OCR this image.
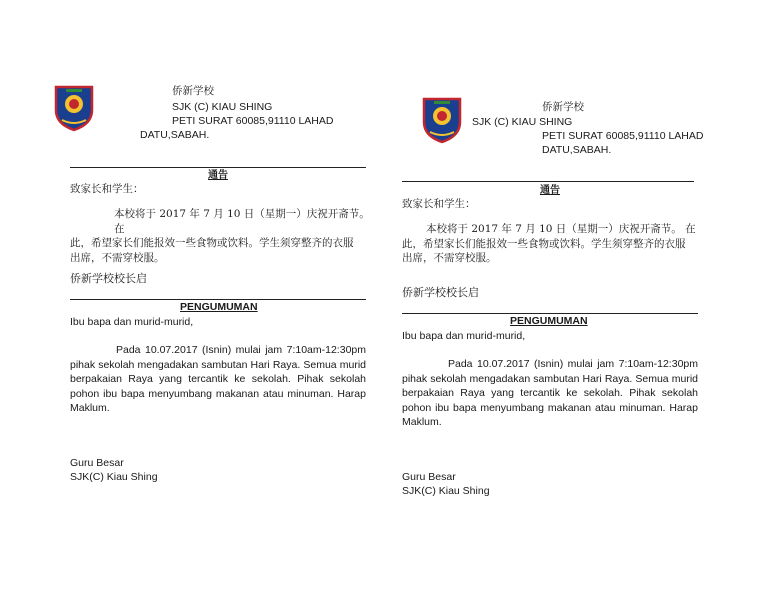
侨新学校
SJK (C) KIAU SHING
PETI SURAT 60085,91110 LAHAD
DATU,SABAH.
通告
致家长和学生：
本校将于 2017 年 7 月 10 日（星期一）庆祝开斋节。 在
此，希望家长们能报效一些食物或饮料。学生须穿整齐的衣服
出席，不需穿校服。
侨新学校校长启
PENGUMUMAN
Ibu bapa dan murid-murid,
Pada 10.07.2017 (Isnin) mulai jam 7:10am-12:30pm pihak sekolah mengadakan sambutan Hari Raya. Semua murid berpakaian Raya yang tercantik ke sekolah. Pihak sekolah pohon ibu bapa menyumbang makanan atau minuman. Harap Maklum.
Guru Besar
SJK(C) Kiau Shing
侨新学校
SJK (C) KIAU SHING
PETI SURAT 60085,91110 LAHAD
DATU,SABAH.
通告
致家长和学生：
本校将于 2017 年 7 月 10 日（星期一）庆祝开斋节。 在
此，希望家长们能报效一些食物或饮料。学生须穿整齐的衣服
出席，不需穿校服。
侨新学校校长启
PENGUMUMAN
Ibu bapa dan murid-murid,
Pada 10.07.2017 (Isnin) mulai jam 7:10am-12:30pm pihak sekolah mengadakan sambutan Hari Raya. Semua murid berpakaian Raya yang tercantik ke sekolah. Pihak sekolah pohon ibu bapa menyumbang makanan atau minuman. Harap Maklum.
Guru Besar
SJK(C) Kiau Shing
